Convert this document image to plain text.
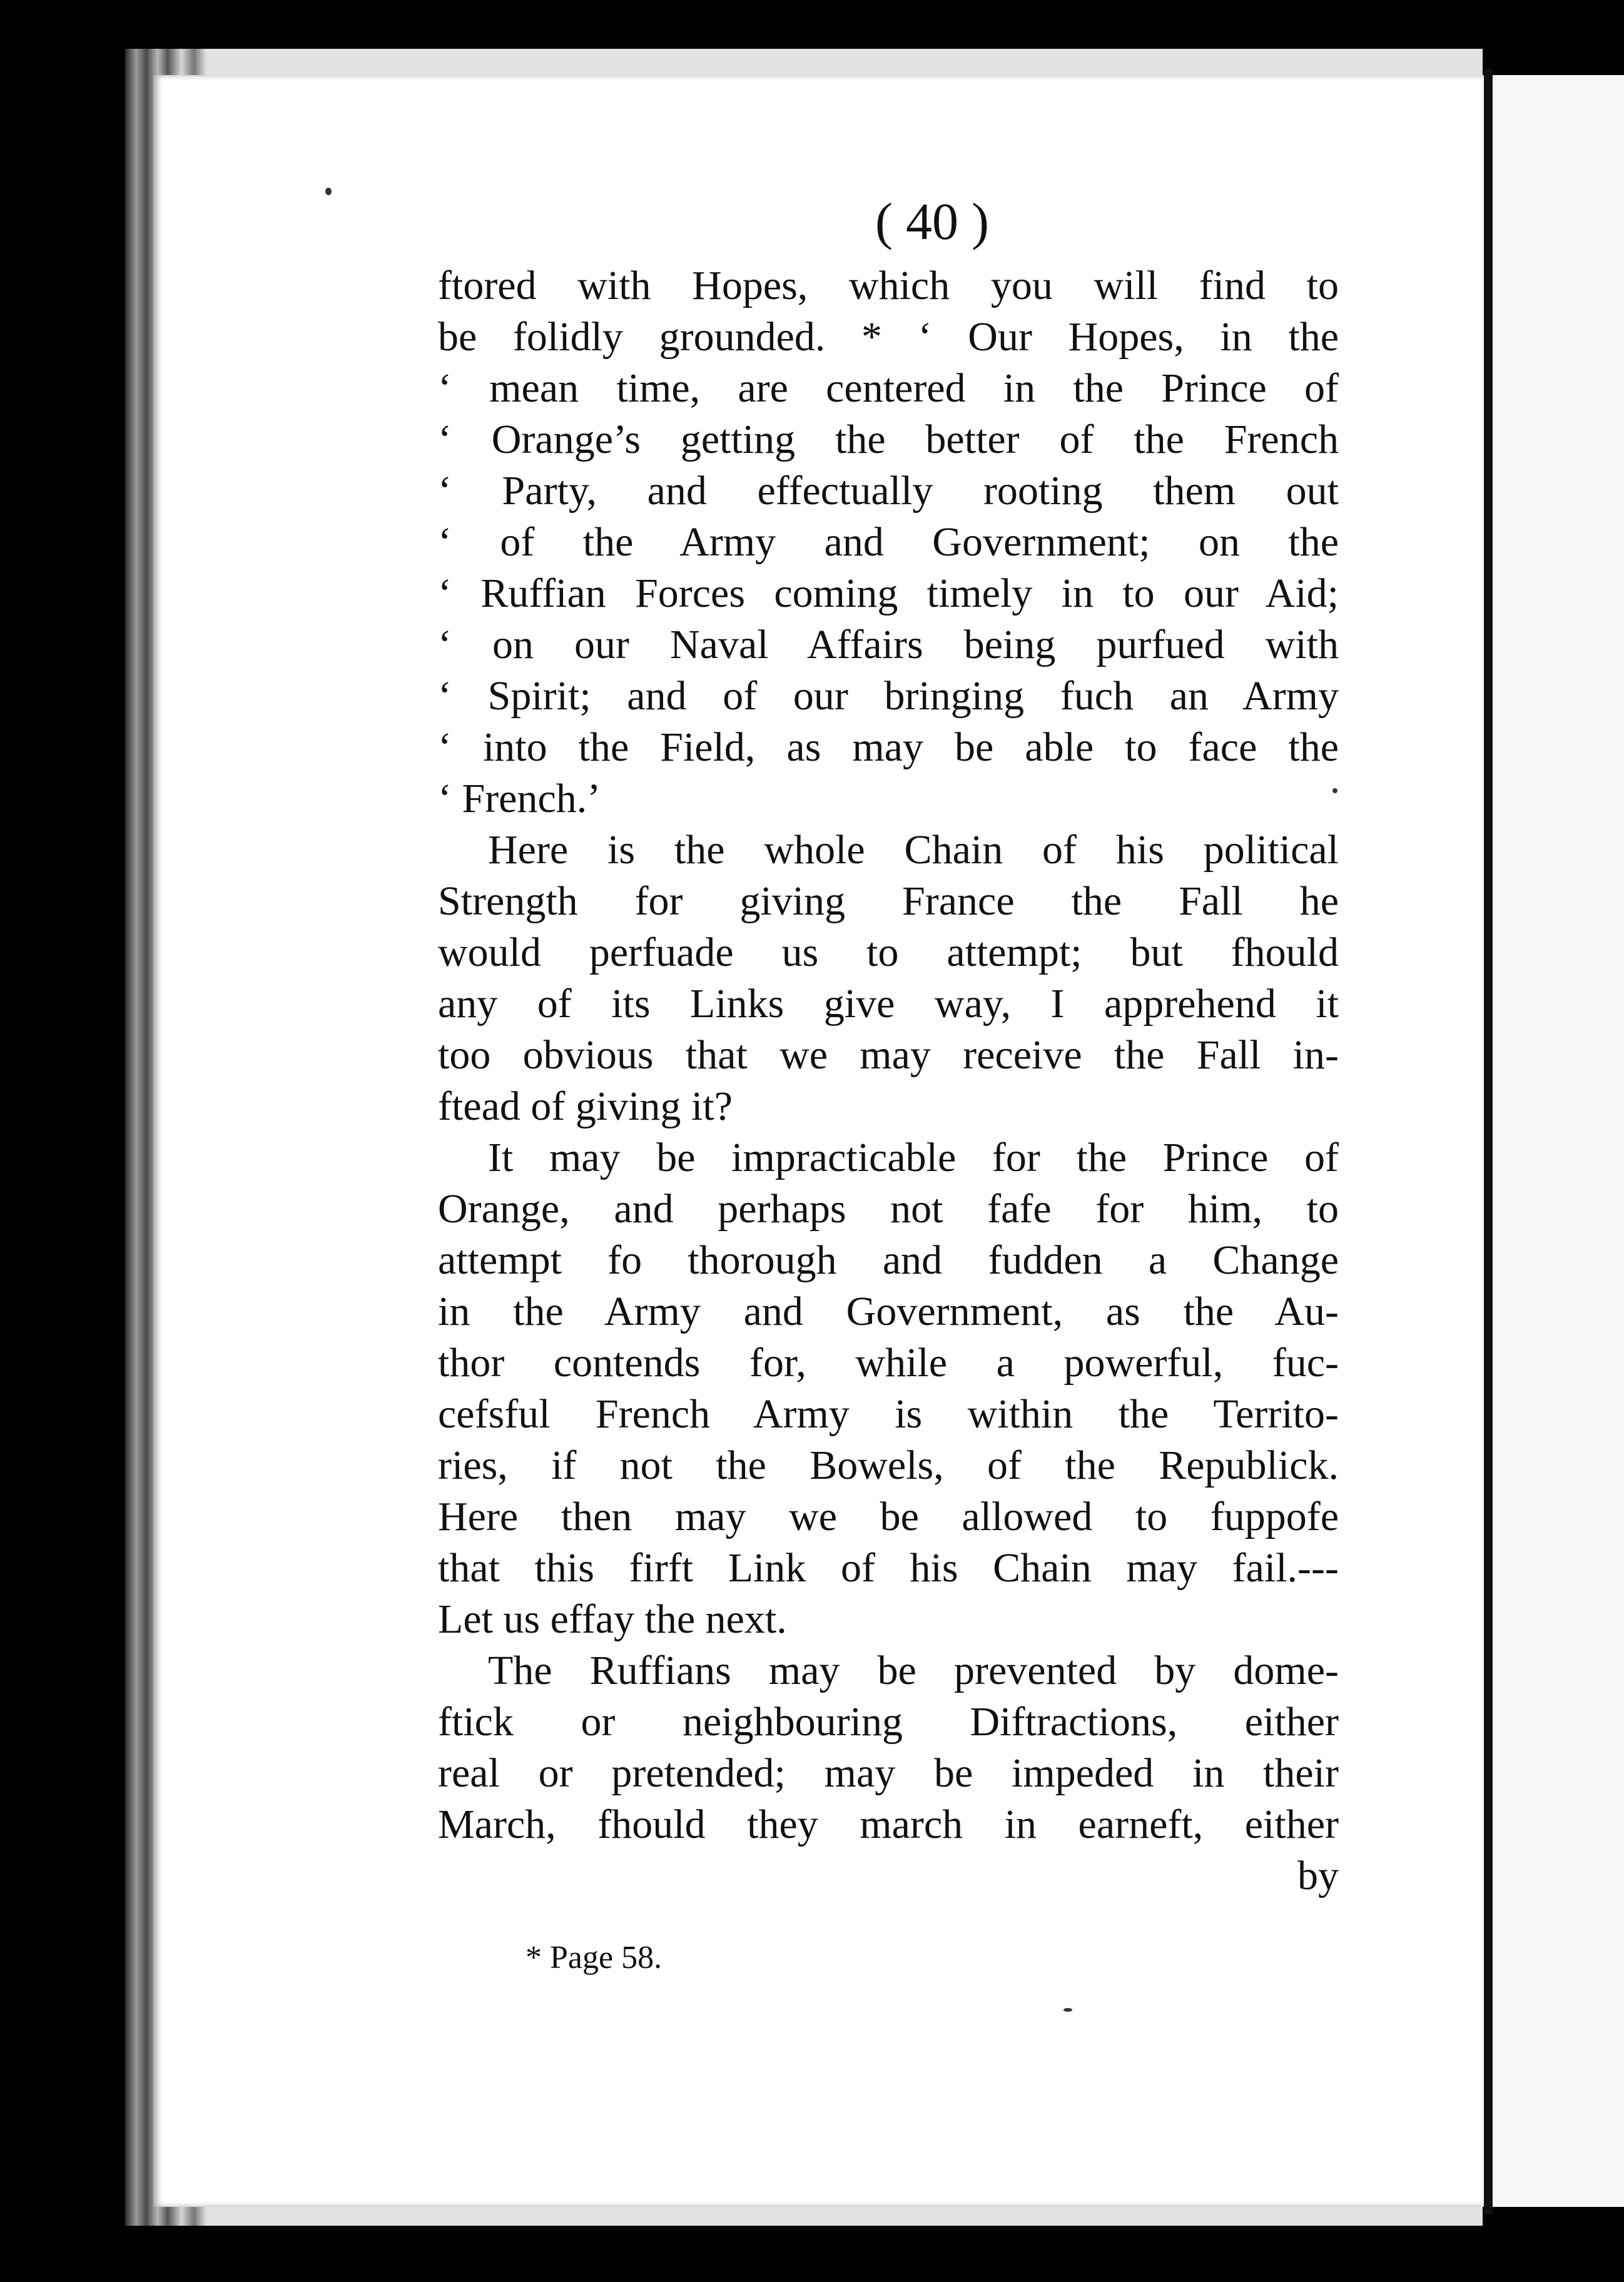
( 40 )
ftored with Hopes, which you will find to
be folidly grounded. * ‘ Our Hopes, in the
‘ mean time, are centered in the Prince of
‘ Orange’s getting the better of the French
‘ Party, and effectually rooting them out
‘ of the Army and Government; on the
‘ Ruffian Forces coming timely in to our Aid;
‘ on our Naval Affairs being purfued with
‘ Spirit; and of our bringing fuch an Army
‘ into the Field, as may be able to face the
‘ French.’
Here is the whole Chain of his political
Strength for giving France the Fall he
would perfuade us to attempt; but fhould
any of its Links give way, I apprehend it
too obvious that we may receive the Fall in-
ftead of giving it?
It may be impracticable for the Prince of
Orange, and perhaps not fafe for him, to
attempt fo thorough and fudden a Change
in the Army and Government, as the Au-
thor contends for, while a powerful, fuc-
cefsful French Army is within the Territo-
ries, if not the Bowels, of the Republick.
Here then may we be allowed to fuppofe
that this firft Link of his Chain may fail.---
Let us effay the next.
The Ruffians may be prevented by dome-
ftick or neighbouring Diftractions, either
real or pretended; may be impeded in their
March, fhould they march in earneft, either
by
* Page 58.
